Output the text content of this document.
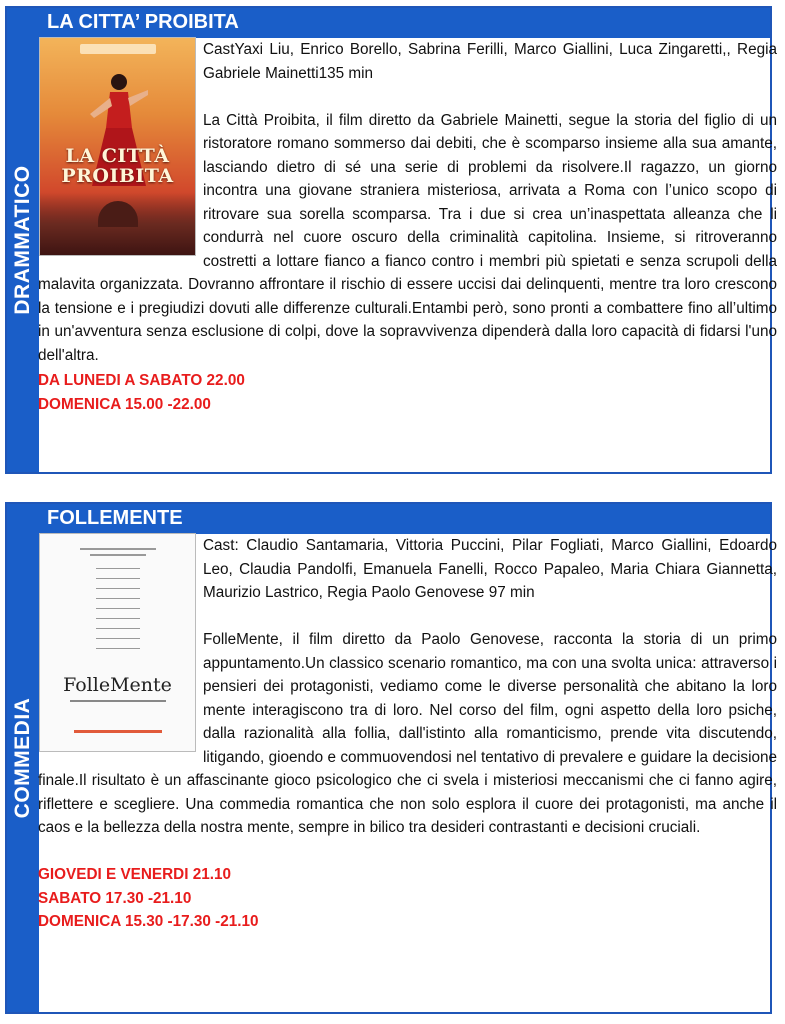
DRAMMATICO
LA CITTA’ PROIBITA
LA CITTÀ PROIBITA

CastYaxi Liu, Enrico Borello, Sabrina Ferilli, Marco Giallini, Luca Zingaretti,, Regia Gabriele Mainetti135 min

La Città Proibita, il film diretto da Gabriele Mainetti, segue la storia del figlio di un ristoratore romano sommerso dai debiti, che è scomparso insieme alla sua amante, lasciando dietro di sé una serie di problemi da risolvere.Il ragazzo, un giorno incontra una giovane straniera misteriosa, arrivata a Roma con l’unico scopo di ritrovare sua sorella scomparsa. Tra i due si crea un’inaspettata alleanza che li condurrà nel cuore oscuro della criminalità capitolina. Insieme, si ritroveranno costretti a lottare fianco a fianco contro i membri più spietati e senza scrupoli della malavita organizzata. Dovranno affrontare il rischio di essere uccisi dai delinquenti, mentre tra loro crescono la tensione e i pregiudizi dovuti alle differenze culturali.Entambi però, sono pronti a combattere fino all’ultimo in un'avventura senza esclusione di colpi, dove la sopravvivenza dipenderà dalla loro capacità di fidarsi l'uno dell'altra.

DA LUNEDI A SABATO 22.00
DOMENICA 15.00 -22.00
COMMEDIA
FOLLEMENTE
FolleMente

Cast: Claudio Santamaria, Vittoria Puccini, Pilar Fogliati, Marco Giallini, Edoardo Leo, Claudia Pandolfi, Emanuela Fanelli, Rocco Papaleo, Maria Chiara Giannetta, Maurizio Lastrico, Regia Paolo Genovese 97 min

FolleMente, il film diretto da Paolo Genovese, racconta la storia di un primo appuntamento.Un classico scenario romantico, ma con una svolta unica: attraverso i pensieri dei protagonisti, vediamo come le diverse personalità che abitano la loro mente interagiscono tra di loro. Nel corso del film, ogni aspetto della loro psiche, dalla razionalità alla follia, dall'istinto alla romanticismo, prende vita discutendo, litigando, gioendo e commuovendosi nel tentativo di prevalere e guidare la decisione finale.Il risultato è un affascinante gioco psicologico che ci svela i misteriosi meccanismi che ci fanno agire, riflettere e scegliere. Una commedia romantica che non solo esplora il cuore dei protagonisti, ma anche il caos e la bellezza della nostra mente, sempre in bilico tra desideri contrastanti e decisioni cruciali.

GIOVEDI E VENERDI 21.10
SABATO 17.30 -21.10
DOMENICA 15.30 -17.30 -21.10
